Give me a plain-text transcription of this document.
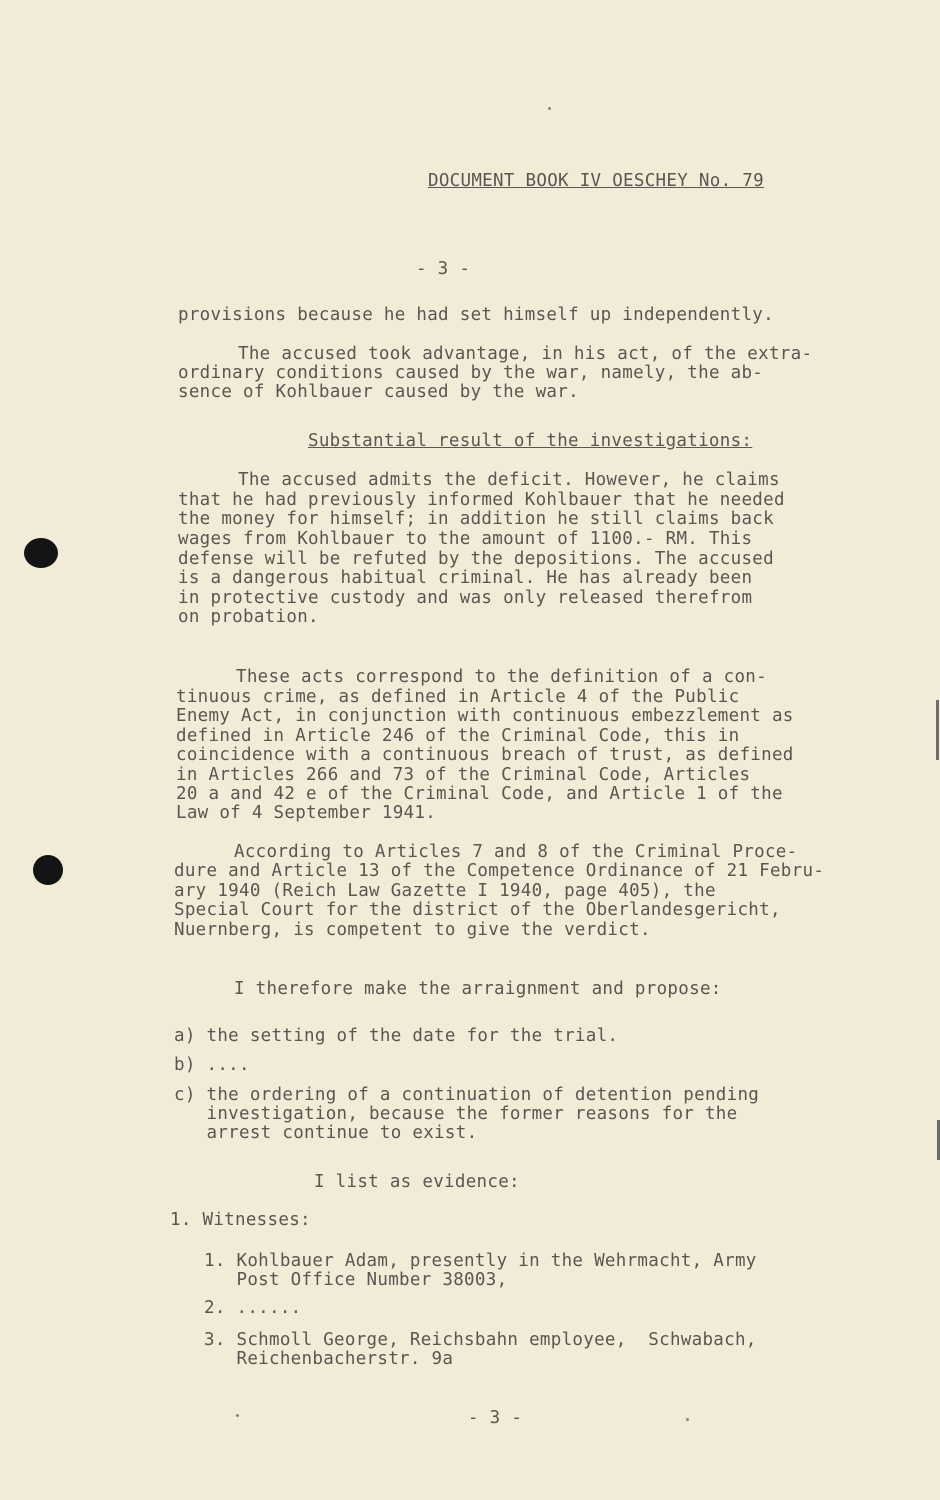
DOCUMENT BOOK IV OESCHEY No. 79
- 3 -
provisions because he had set himself up independently.
The accused took advantage, in his act, of the extra-
ordinary conditions caused by the war, namely, the ab-
sence of Kohlbauer caused by the war.
Substantial result of the investigations:
The accused admits the deficit. However, he claims
that he had previously informed Kohlbauer that he needed
the money for himself; in addition he still claims back
wages from Kohlbauer to the amount of 1100.- RM. This
defense will be refuted by the depositions. The accused
is a dangerous habitual criminal. He has already been
in protective custody and was only released therefrom
on probation.
These acts correspond to the definition of a con-
tinuous crime, as defined in Article 4 of the Public
Enemy Act, in conjunction with continuous embezzlement as
defined in Article 246 of the Criminal Code, this in
coincidence with a continuous breach of trust, as defined
in Articles 266 and 73 of the Criminal Code, Articles
20 a and 42 e of the Criminal Code, and Article 1 of the
Law of 4 September 1941.
According to Articles 7 and 8 of the Criminal Proce-
dure and Article 13 of the Competence Ordinance of 21 Febru-
ary 1940 (Reich Law Gazette I 1940, page 405), the
Special Court for the district of the Oberlandesgericht,
Nuernberg, is competent to give the verdict.
I therefore make the arraignment and propose:
a) the setting of the date for the trial.
b) ....
c) the ordering of a continuation of detention pending
investigation, because the former reasons for the
arrest continue to exist.
I list as evidence:
1. Witnesses:
1. Kohlbauer Adam, presently in the Wehrmacht, Army
Post Office Number 38003,
2. ......
3. Schmoll George, Reichsbahn employee,  Schwabach,
Reichenbacherstr. 9a
- 3 -
